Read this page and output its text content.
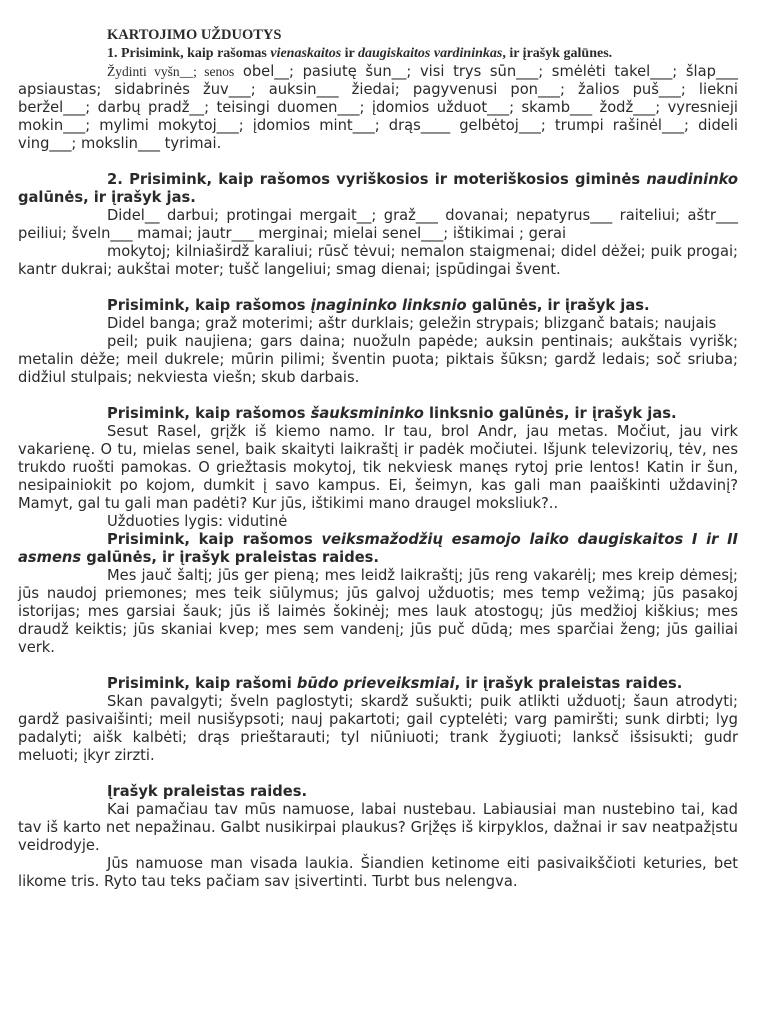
KARTOJIMO UŽDUOTYS
1. Prisimink, kaip rašomas vienaskaitos ir daugiskaitos vardininkas, ir įrašyk galūnes.

Žydinti vyšn__; senos obel__; pasiutę šun__; visi trys sūn___; smėlėti takel___; šlap___ apsiaustas; sidabrinės žuv___; auksin___ žiedai; pagyvenusi pon___; žalios puš___; liekni beržel___; darbų pradž__; teisingi duomen___; įdomios užduot___; skamb___ žodž___; vyresnieji mokin___; mylimi mokytoj___; įdomios mint___; drąs____ gelbėtoj___; trumpi rašinėl___; dideli ving___; mokslin___ tyrimai.

2. Prisimink, kaip rašomos vyriškosios ir moteriškosios giminės naudininko galūnės, ir įrašyk jas.

Didel__ darbui; protingai mergait__; graž___ dovanai; nepatyrus___ raiteliui; aštr___ peiliui; šveln___ mamai; jautr___ merginai; mielai senel___; ištikimai ; gerai

mokytoj; kilniaširdž karaliui; rūsč tėvui; nemalon staigmenai; didel dėžei; puik progai; kantr dukrai; aukštai moter; tušč langeliui; smag dienai; įspūdingai švent.

Prisimink, kaip rašomos įnagininko linksnio galūnės, ir įrašyk jas.

Didel banga; graž moterimi; aštr durklais; geležin strypais; blizganč batais; naujais

peil; puik naujiena; gars daina; nuožuln papėde; auksin pentinais; aukštais vyrišk; metalin dėže; meil dukrele; mūrin pilimi; šventin puota; piktais šūksn; gardž ledais; soč sriuba; didžiul stulpais; nekviesta viešn; skub darbais.

Prisimink, kaip rašomos šauksmininko linksnio galūnės, ir įrašyk jas.

Sesut Rasel, grįžk iš kiemo namo. Ir tau, brol Andr, jau metas. Močiut, jau virk vakarienę. O tu, mielas senel, baik skaityti laikraštį ir padėk močiutei. Išjunk televizorių, tėv, nes trukdo ruošti pamokas. O griežtasis mokytoj, tik nekviesk manęs rytoj prie lentos! Katin ir šun, nesipainiokit po kojom, dumkit į savo kampus. Ei, šeimyn, kas gali man paaiškinti uždavinį? Mamyt, gal tu gali man padėti? Kur jūs, ištikimi mano draugel moksliuk?..

Užduoties lygis: vidutinė

Prisimink, kaip rašomos veiksmažodžių esamojo laiko daugiskaitos I ir II asmens galūnės, ir įrašyk praleistas raides.

Mes jauč šaltį; jūs ger pieną; mes leidž laikraštį; jūs reng vakarėlį; mes kreip dėmesį; jūs naudoj priemones; mes teik siūlymus; jūs galvoj užduotis; mes temp vežimą; jūs pasakoj istorijas; mes garsiai šauk; jūs iš laimės šokinėj; mes lauk atostogų; jūs medžioj kiškius; mes draudž keiktis; jūs skaniai kvep; mes sem vandenį; jūs puč dūdą; mes sparčiai ženg; jūs gailiai verk.

Prisimink, kaip rašomi būdo prieveiksmiai, ir įrašyk praleistas raides.

Skan pavalgyti; šveln paglostyti; skardž sušukti; puik atlikti užduotį; šaun atrodyti; gardž pasivaišinti; meil nusišypsoti; nauj pakartoti; gail cyptelėti; varg pamiršti; sunk dirbti; lyg padalyti; aišk kalbėti; drąs prieštarauti; tyl niūniuoti; trank žygiuoti; lanksč išsisukti; gudr meluoti; įkyr zirzti.

Įrašyk praleistas raides.

Kai pamačiau tav mūs namuose, labai nustebau. Labiausiai man nustebino tai, kad tav iš karto net nepažinau. Galbt nusikirpai plaukus? Grįžęs iš kirpyklos, dažnai ir sav neatpažįstu veidrodyje.

Jūs namuose man visada laukia. Šiandien ketinome eiti pasivaikščioti keturies, bet likome tris. Ryto tau teks pačiam sav įsivertinti. Turbt bus nelengva.
